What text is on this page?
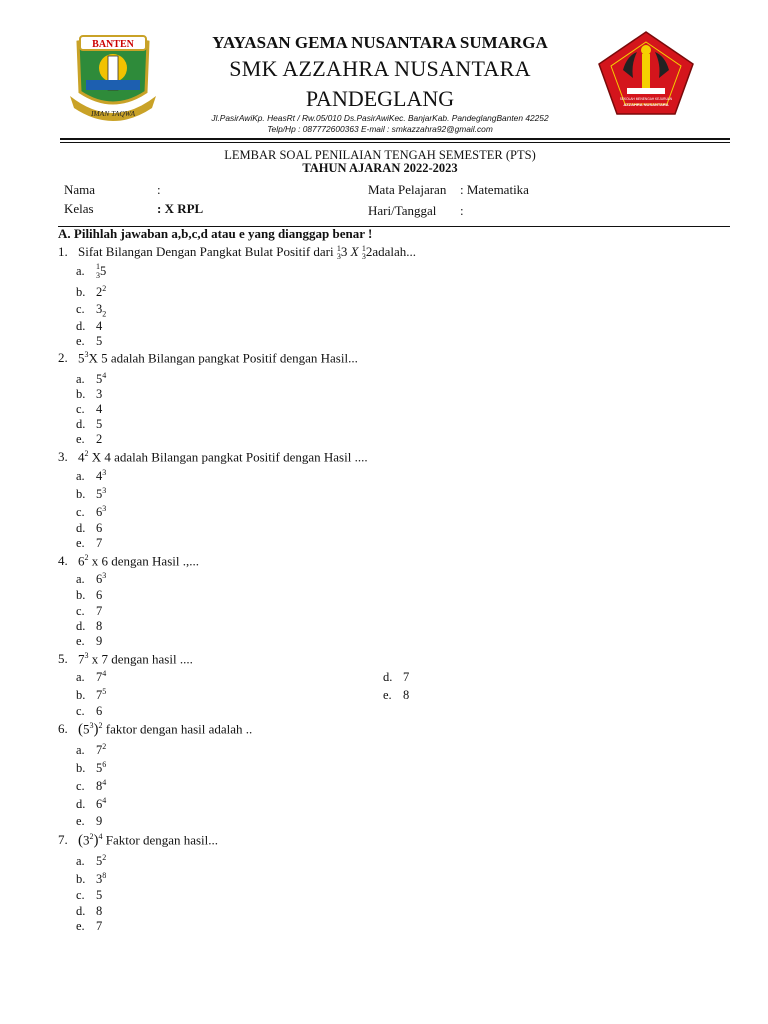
BANTEN
IMAN TAQWA
SEKOLAH MENENGAH KEJURUAN
AZZAHRA NUSANTARA
YAYASAN GEMA NUSANTARA SUMARGA
SMK AZZAHRA NUSANTARA
PANDEGLANG
Jl.PasirAwiKp. HeasRt / Rw.05/010 Ds.PasirAwiKec. BanjarKab. PandeglangBanten 42252
Telp/Hp : 087772600363 E-mail : smkazzahra92@gmail.com
LEMBAR SOAL PENILAIAN TENGAH SEMESTER (PTS)
TAHUN AJARAN 2022-2023
Nama	:
Kelas	: X RPL
Mata Pelajaran : Matematika
Hari/Tanggal :
A. Pilihlah jawaban a,b,c,d atau e yang dianggap benar !
1. Sifat Bilangan Dengan Pangkat Bulat Positif dari $^1_3$3 X $^1_3$2adalah...
a. $^1_3$5
b. $2^2$
c. $3_2$
d. 4
e. 5
2. $5^3X$ 5 adalah Bilangan pangkat Positif dengan Hasil...
a. $5^4$
b. 3
c. 4
d. 5
e. 2
3. $4^2$ X 4 adalah Bilangan pangkat Positif dengan Hasil ....
a. $4^3$
b. $5^3$
c. $6^3$
d. 6
e. 7
4. $6^2$ x 6 dengan Hasil .,...
a. $6^3$
b. 6
c. 7
d. 8
e. 9
5. $7^3$ x 7 dengan hasil ....
a. $7^4$
b. $7^5$
c. 6
d. 7
e. 8
6. $(5^3)^2$ faktor dengan hasil adalah ..
a. $7^2$
b. $5^6$
c. $8^4$
d. $6^4$
e. 9
7. $(3^2)^4$ Faktor dengan hasil...
a. $5^2$
b. $3^8$
c. 5
d. 8
e. 7
